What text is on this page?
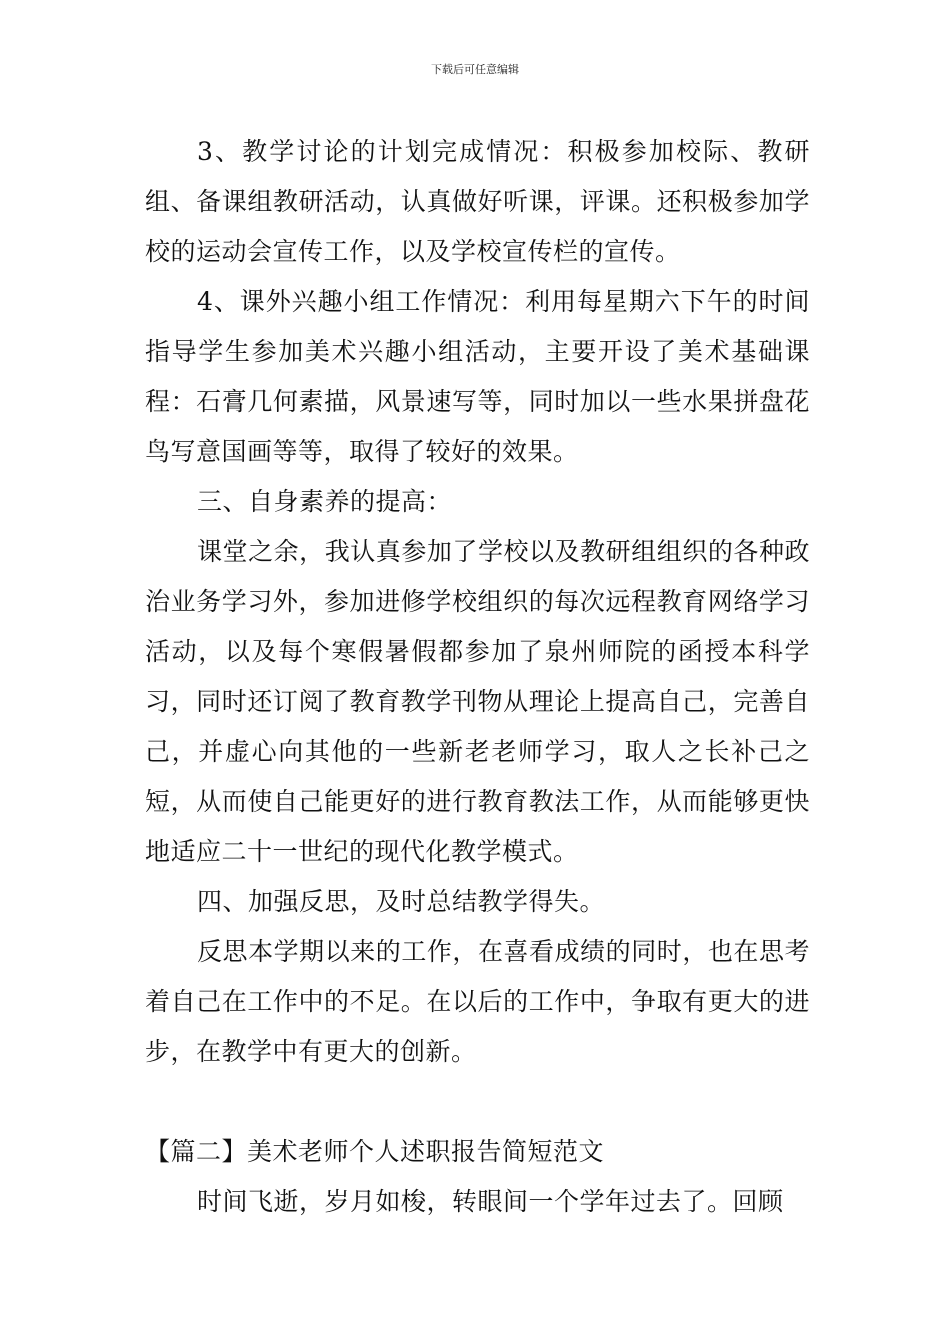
下载后可任意编辑

3、教学讨论的计划完成情况：积极参加校际、教研组、备课组教研活动，认真做好听课，评课。还积极参加学校的运动会宣传工作，以及学校宣传栏的宣传。

4、课外兴趣小组工作情况：利用每星期六下午的时间指导学生参加美术兴趣小组活动，主要开设了美术基础课程：石膏几何素描，风景速写等，同时加以一些水果拼盘花鸟写意国画等等，取得了较好的效果。

三、自身素养的提高：

课堂之余，我认真参加了学校以及教研组组织的各种政治业务学习外，参加进修学校组织的每次远程教育网络学习活动，以及每个寒假暑假都参加了泉州师院的函授本科学习，同时还订阅了教育教学刊物从理论上提高自己，完善自己，并虚心向其他的一些新老老师学习，取人之长补己之短，从而使自己能更好的进行教育教法工作，从而能够更快地适应二十一世纪的现代化教学模式。

四、加强反思，及时总结教学得失。

反思本学期以来的工作，在喜看成绩的同时，也在思考着自己在工作中的不足。在以后的工作中，争取有更大的进步，在教学中有更大的创新。

【篇二】美术老师个人述职报告简短范文

时间飞逝，岁月如梭，转眼间一个学年过去了。回顾
